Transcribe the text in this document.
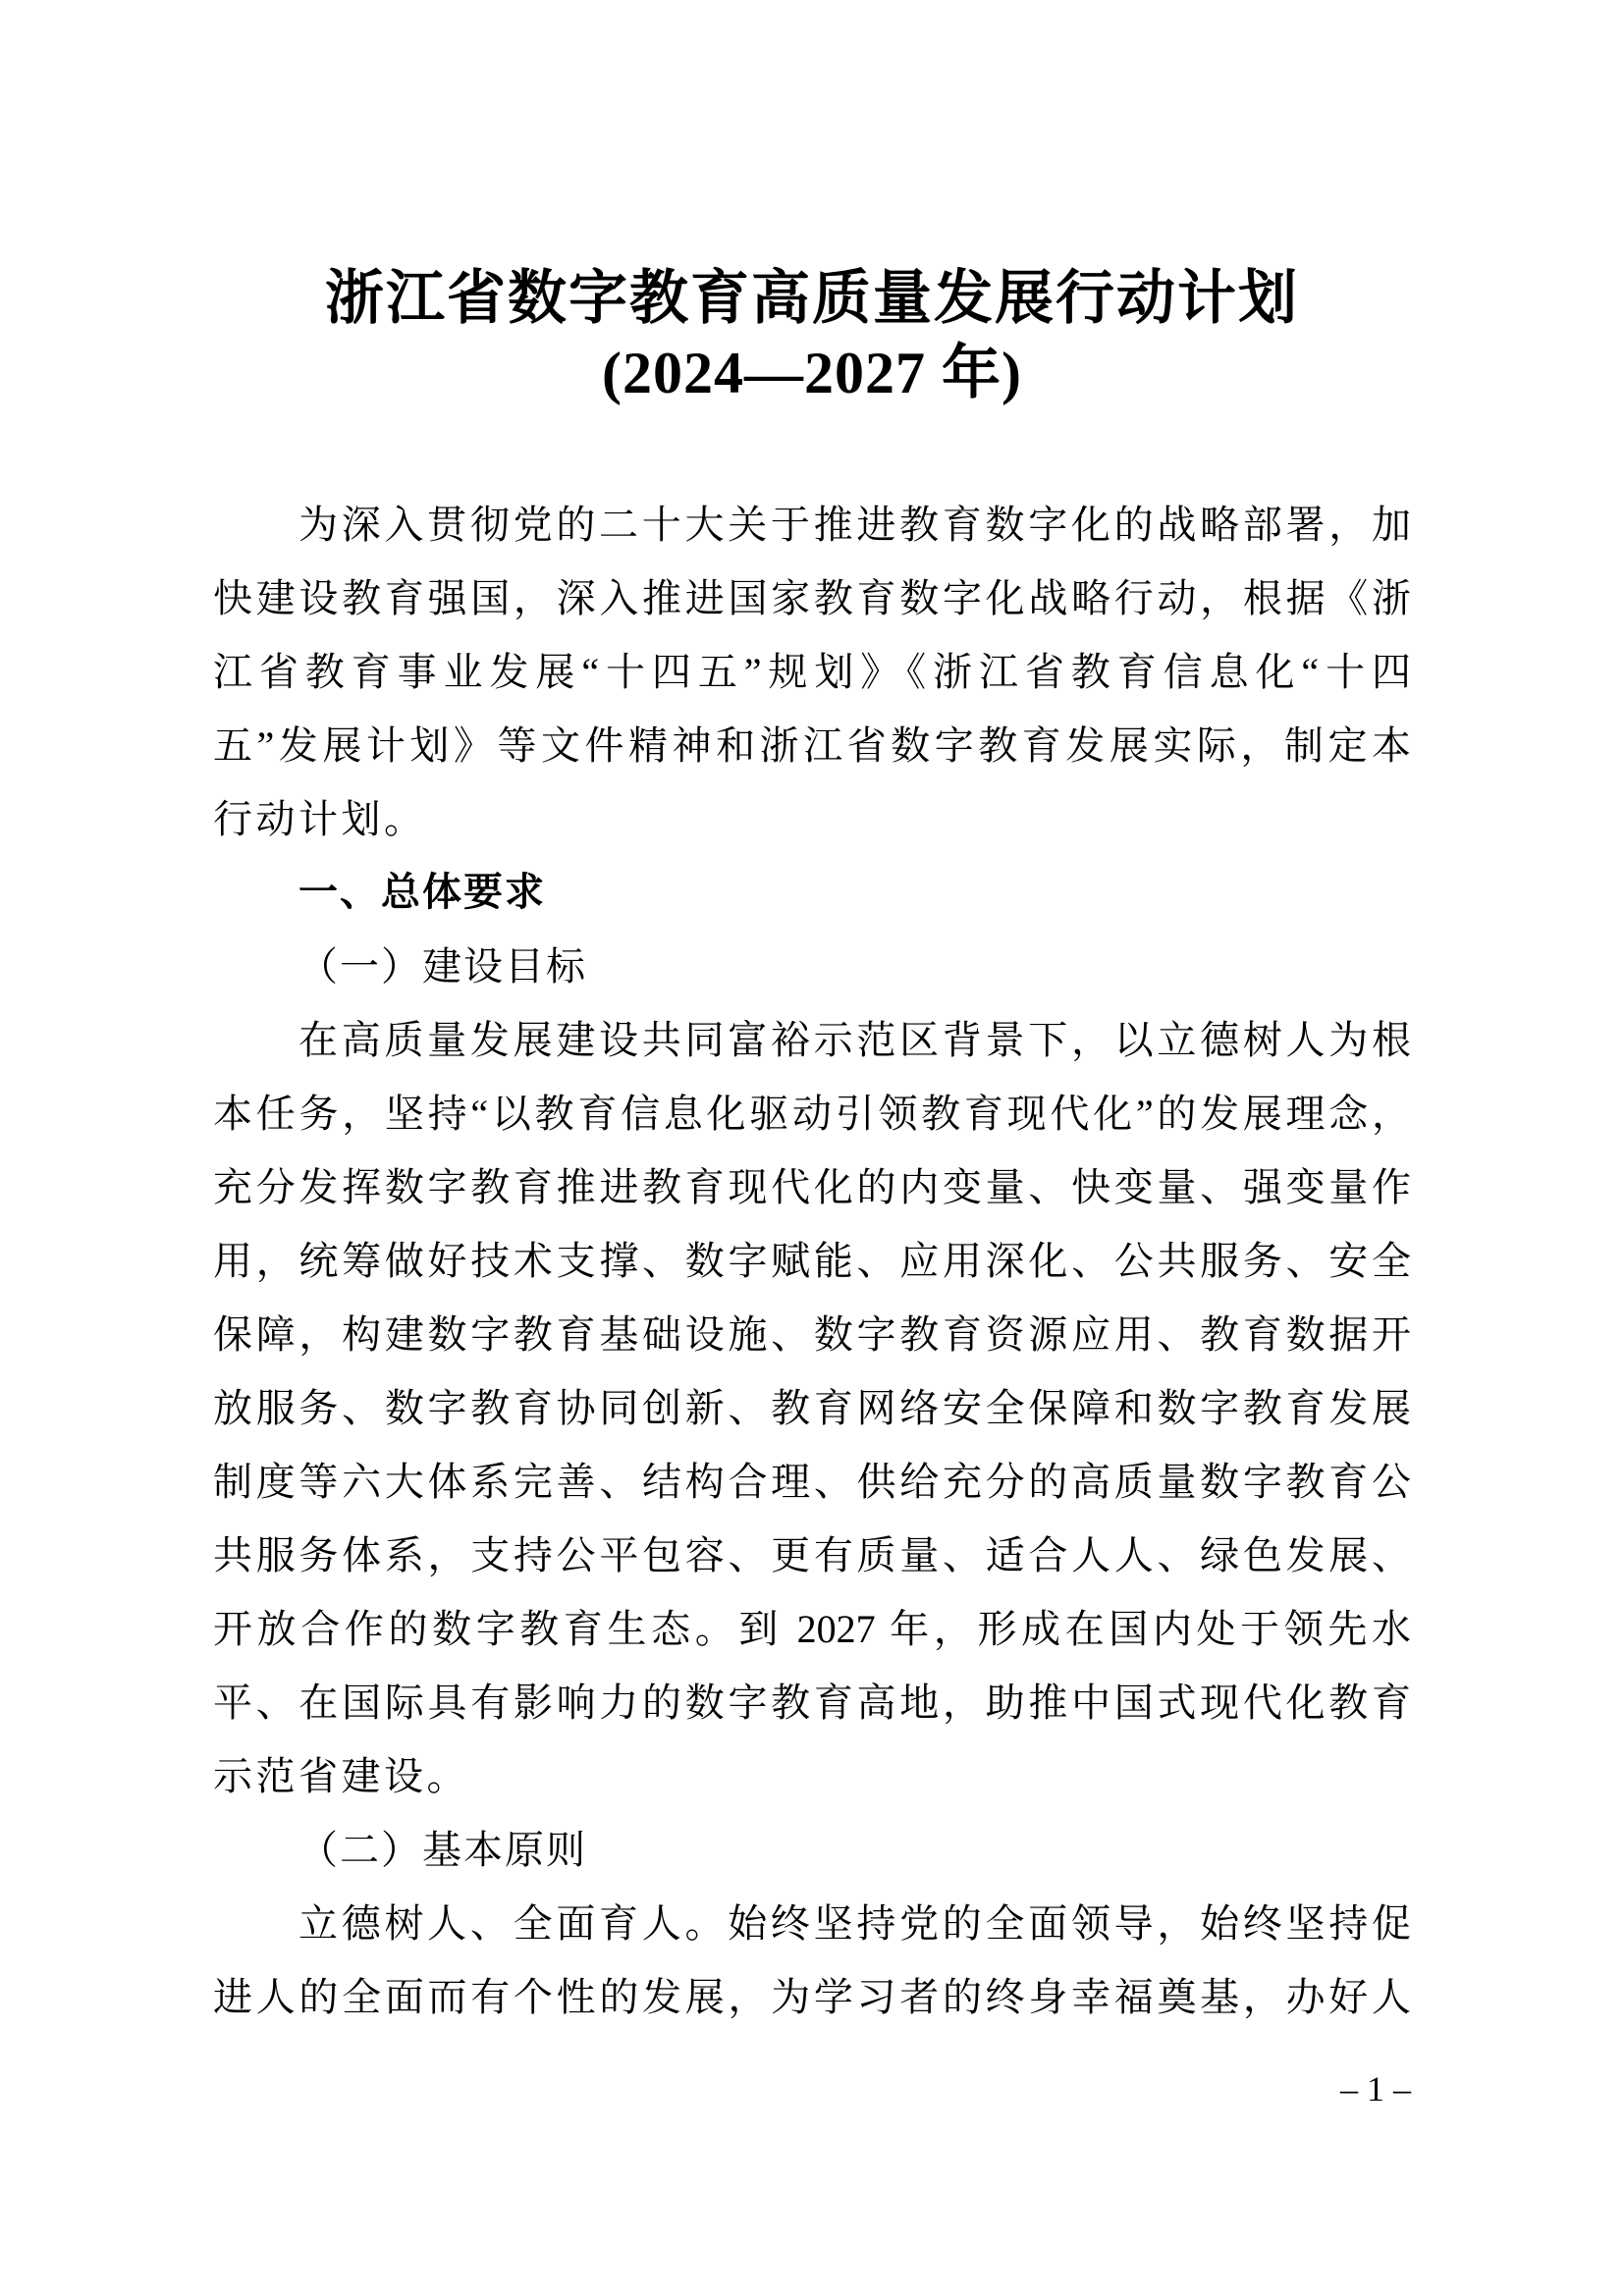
浙江省数字教育高质量发展行动计划
(2024—2027 年)
为深入贯彻党的二十大关于推进教育数字化的战略部署，加
快建设教育强国，深入推进国家教育数字化战略行动，根据《浙
江省教育事业发展“十四五”规划》《浙江省教育信息化“十四
五”发展计划》等文件精神和浙江省数字教育发展实际，制定本
行动计划。
一、总体要求
（一）建设目标
在高质量发展建设共同富裕示范区背景下，以立德树人为根
本任务，坚持“以教育信息化驱动引领教育现代化”的发展理念，
充分发挥数字教育推进教育现代化的内变量、快变量、强变量作
用，统筹做好技术支撑、数字赋能、应用深化、公共服务、安全
保障，构建数字教育基础设施、数字教育资源应用、教育数据开
放服务、数字教育协同创新、教育网络安全保障和数字教育发展
制度等六大体系完善、结构合理、供给充分的高质量数字教育公
共服务体系，支持公平包容、更有质量、适合人人、绿色发展、
开放合作的数字教育生态。到 2027 年，形成在国内处于领先水
平、在国际具有影响力的数字教育高地，助推中国式现代化教育
示范省建设。
（二）基本原则
立德树人、全面育人。始终坚持党的全面领导，始终坚持促
进人的全面而有个性的发展，为学习者的终身幸福奠基，办好人
– 1 –
